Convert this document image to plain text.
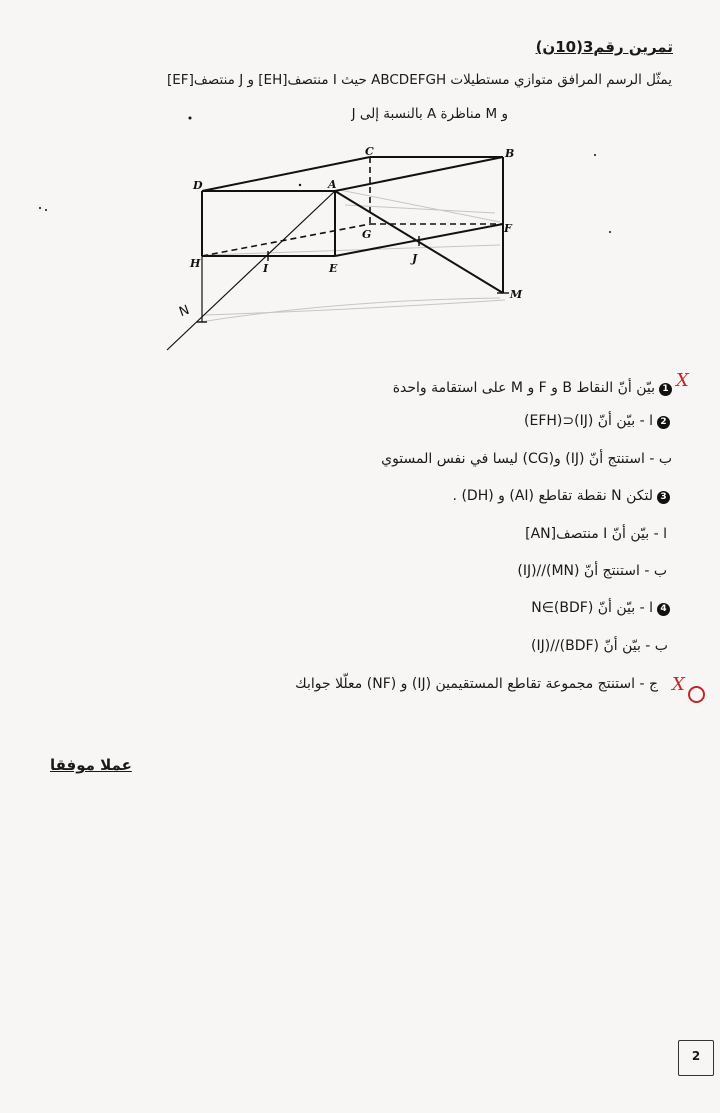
تمرين رقم3(10ن)
يمثّل الرسم المرافق متوازي مستطيلات ABCDEFGH حيث I منتصف[EH] و J منتصف[EF]
و M مناظرة A بالنسبة إلى J
C	B
D	A
G	F
H	I	E
J
M
N
1بيّن أنّ النقاط B و F و M على استقامة واحدة	X
2ا - بيّن أنّ (IJ)⊂(EFH)
ب - استنتج أنّ (IJ) و(CG) ليسا في نفس المستوي
3لتكن N نقطة تقاطع (AI) و (DH) .
ا - بيّن أنّ I منتصف[AN]
ب - استنتج أنّ (MN)//(IJ)
4ا - بيّن أنّ N∈(BDF)
ب - بيّن أنّ (BDF)//(IJ)
ج - استنتج مجموعة تقاطع المستقيمين (IJ) و (NF) معلّلا جوابك X
عملا موفقا
2
